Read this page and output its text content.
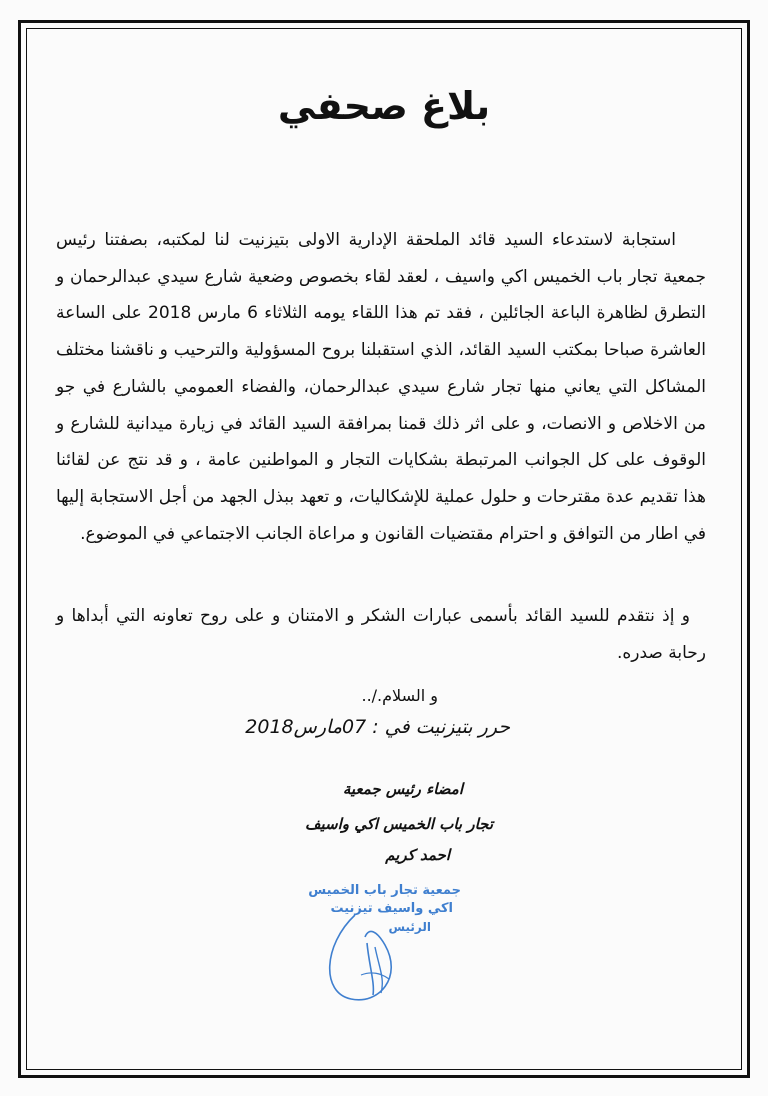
بلاغ صحفي

استجابة لاستدعاء السيد قائد الملحقة الإدارية الاولى بتيزنيت لنا لمكتبه، بصفتنا رئيس جمعية تجار باب الخميس اكي واسيف ، لعقد لقاء بخصوص وضعية شارع سيدي عبدالرحمان و التطرق لظاهرة الباعة الجائلين ، فقد تم هذا اللقاء يومه الثلاثاء 6 مارس 2018 على الساعة العاشرة صباحا بمكتب السيد القائد، الذي استقبلنا بروح المسؤولية والترحيب و ناقشنا مختلف المشاكل التي يعاني منها تجار شارع سيدي عبدالرحمان، والفضاء العمومي بالشارع في جو من الاخلاص و الانصات، و على اثر ذلك قمنا بمرافقة السيد القائد في زيارة ميدانية للشارع و الوقوف على كل الجوانب المرتبطة بشكايات التجار و المواطنين عامة ، و قد نتج عن لقائنا هذا تقديم عدة مقترحات و حلول عملية للإشكاليات، و تعهد ببذل الجهد من أجل الاستجابة إليها في اطار من التوافق و احترام مقتضيات القانون و مراعاة الجانب الاجتماعي في الموضوع.

و إذ نتقدم للسيد القائد بأسمى عبارات الشكر و الامتنان و على روح تعاونه التي أبداها و رحابة صدره.

و السلام./..

حرر بتيزنيت في : 07مارس2018

امضاء رئيس جمعية

تجار باب الخميس اكي واسيف

احمد كريم

جمعية تجار باب الخميس
اكي واسيف تيزنيت
الرئيس
